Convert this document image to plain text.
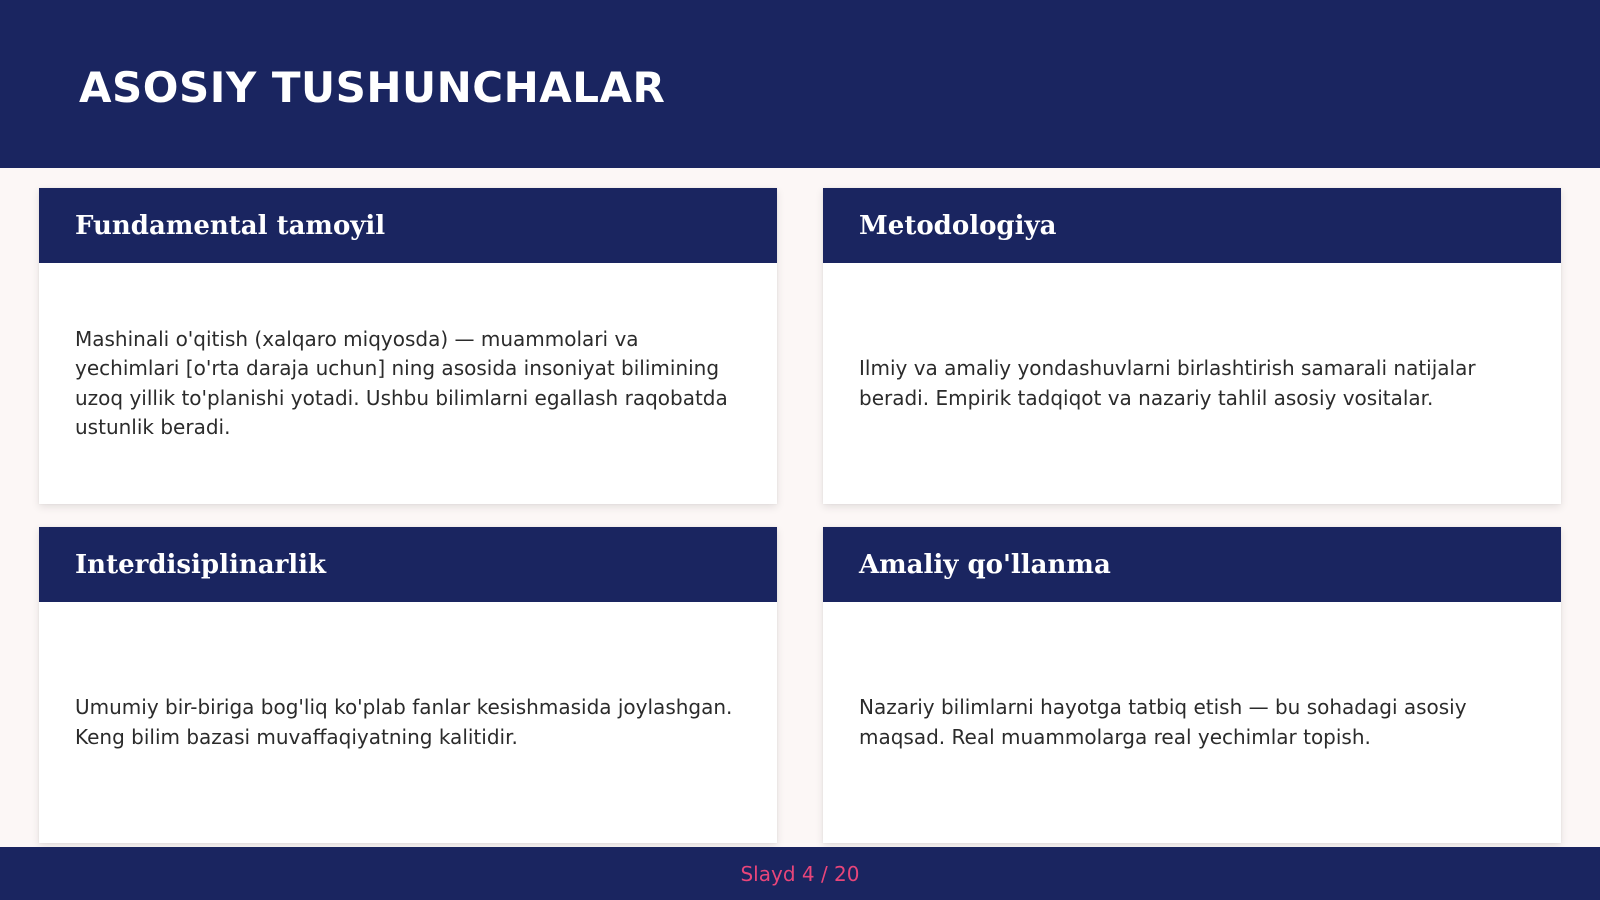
ASOSIY TUSHUNCHALAR
Fundamental tamoyil

Mashinali o'qitish (xalqaro miqyosda) — muammolari va yechimlari [o'rta daraja uchun] ning asosida insoniyat bilimining uzoq yillik to'planishi yotadi. Ushbu bilimlarni egallash raqobatda ustunlik beradi.

Metodologiya

Ilmiy va amaliy yondashuvlarni birlashtirish samarali natijalar beradi. Empirik tadqiqot va nazariy tahlil asosiy vositalar.

Interdisiplinarlik

Umumiy bir-biriga bog'liq ko'plab fanlar kesishmasida joylashgan. Keng bilim bazasi muvaffaqiyatning kalitidir.

Amaliy qo'llanma

Nazariy bilimlarni hayotga tatbiq etish — bu sohadagi asosiy maqsad. Real muammolarga real yechimlar topish.

Slayd 4 / 20
